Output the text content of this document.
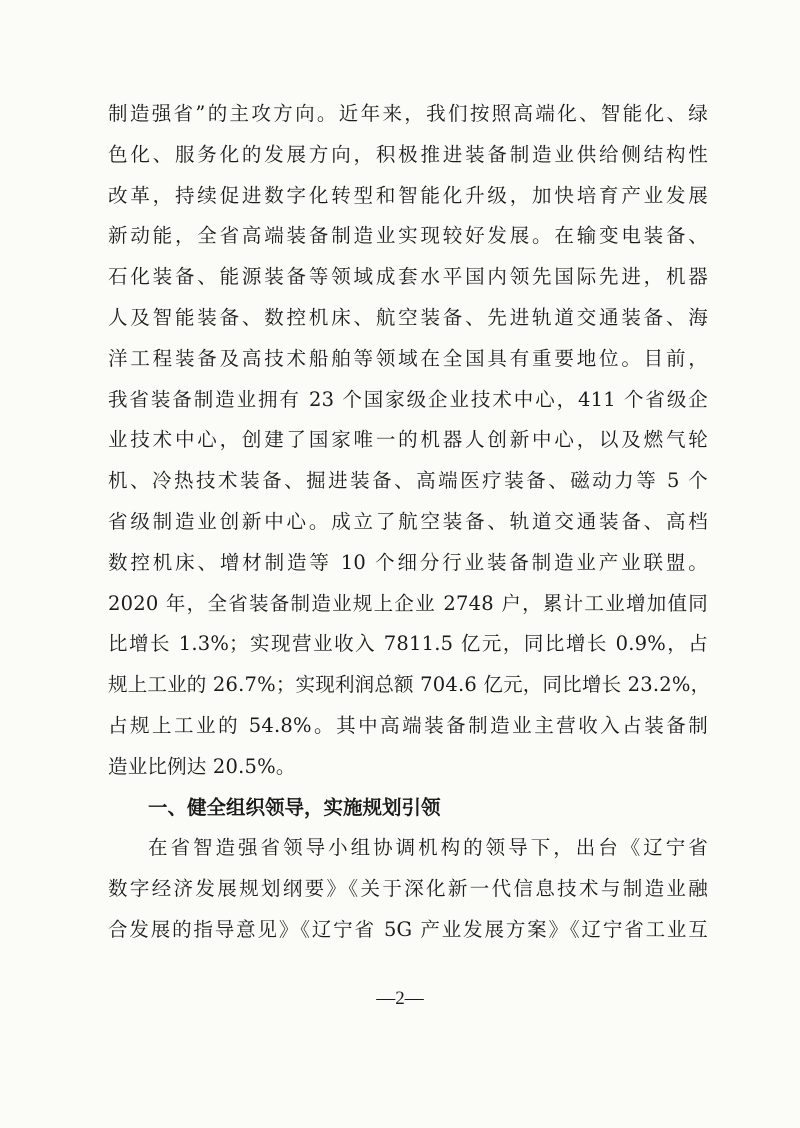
制造强省”的主攻方向。近年来，我们按照高端化、智能化、绿
色化、服务化的发展方向，积极推进装备制造业供给侧结构性
改革，持续促进数字化转型和智能化升级，加快培育产业发展
新动能，全省高端装备制造业实现较好发展。在输变电装备、
石化装备、能源装备等领域成套水平国内领先国际先进，机器
人及智能装备、数控机床、航空装备、先进轨道交通装备、海
洋工程装备及高技术船舶等领域在全国具有重要地位。目前，
我省装备制造业拥有 23 个国家级企业技术中心，411 个省级企
业技术中心，创建了国家唯一的机器人创新中心，以及燃气轮
机、冷热技术装备、掘进装备、高端医疗装备、磁动力等 5 个
省级制造业创新中心。成立了航空装备、轨道交通装备、高档
数控机床、增材制造等 10 个细分行业装备制造业产业联盟。
2020 年，全省装备制造业规上企业 2748 户，累计工业增加值同
比增长 1.3%；实现营业收入 7811.5 亿元，同比增长 0.9%，占
规上工业的 26.7%；实现利润总额 704.6 亿元，同比增长 23.2%，
占规上工业的 54.8%。其中高端装备制造业主营收入占装备制
造业比例达 20.5%。
一、健全组织领导，实施规划引领
在省智造强省领导小组协调机构的领导下，出台《辽宁省
数字经济发展规划纲要》《关于深化新一代信息技术与制造业融
合发展的指导意见》《辽宁省 5G 产业发展方案》《辽宁省工业互
—2—
